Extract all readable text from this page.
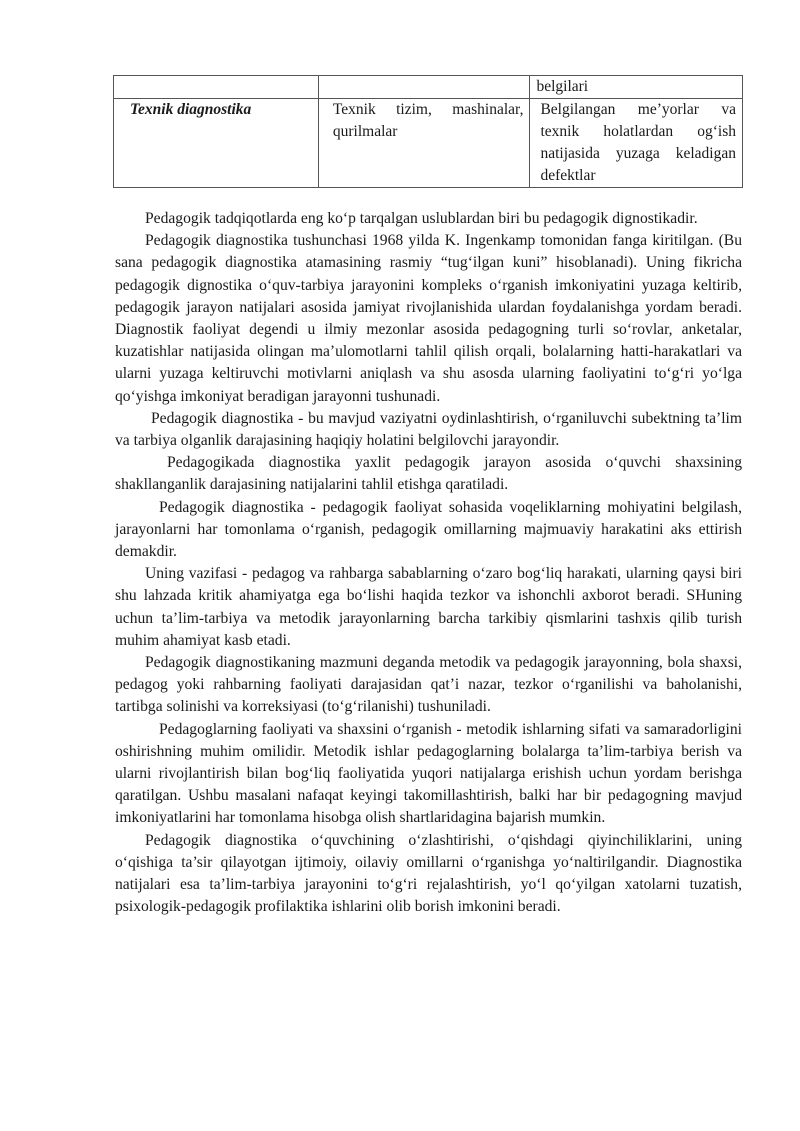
		belgilari
Texnik diagnostika	Texnik tizim, mashinalar, qurilmalar	Belgilangan me’yorlar va texnik holatlardan og‘ish natijasida yuzaga keladigan defektlar

Pedagogik tadqiqotlarda eng ko‘p tarqalgan uslublardan biri bu pedagogik dignostikadir.

Pedagogik diagnostika tushunchasi 1968 yilda K. Ingenkamp tomonidan fanga kiritilgan. (Bu sana pedagogik diagnostika atamasining rasmiy “tug‘ilgan kuni” hisoblanadi). Uning fikricha pedagogik dignostika o‘quv-tarbiya jarayonini kompleks o‘rganish imkoniyatini yuzaga keltirib, pedagogik jarayon natijalari asosida jamiyat rivojlanishida ulardan foydalanishga yordam beradi. Diagnostik faoliyat degendi u ilmiy mezonlar asosida pedagogning turli so‘rovlar, anketalar, kuzatishlar natijasida olingan ma’ulomotlarni tahlil qilish orqali, bolalarning hatti-harakatlari va ularni yuzaga keltiruvchi motivlarni aniqlash va shu asosda ularning faoliyatini to‘g‘ri yo‘lga qo‘yishga imkoniyat beradigan jarayonni tushunadi.

Pedagogik diagnostika - bu mavjud vaziyatni oydinlashtirish, o‘rganiluvchi subektning ta’lim va tarbiya olganlik darajasining haqiqiy holatini belgilovchi jarayondir.

Pedagogikada diagnostika yaxlit pedagogik jarayon asosida o‘quvchi shaxsining shakllanganlik darajasining natijalarini tahlil etishga qaratiladi.

Pedagogik diagnostika - pedagogik faoliyat sohasida voqeliklarning mohiyatini belgilash, jarayonlarni har tomonlama o‘rganish, pedagogik omillarning majmuaviy harakatini aks ettirish demakdir.

Uning vazifasi - pedagog va rahbarga sabablarning o‘zaro bog‘liq harakati, ularning qaysi biri shu lahzada kritik ahamiyatga ega bo‘lishi haqida tezkor va ishonchli axborot beradi. SHuning uchun ta’lim-tarbiya va metodik jarayonlarning barcha tarkibiy qismlarini tashxis qilib turish muhim ahamiyat kasb etadi.

Pedagogik diagnostikaning mazmuni deganda metodik va pedagogik jarayonning, bola shaxsi, pedagog yoki rahbarning faoliyati darajasidan qat’i nazar, tezkor o‘rganilishi va baholanishi, tartibga solinishi va korreksiyasi (to‘g‘rilanishi) tushuniladi.

Pedagoglarning faoliyati va shaxsini o‘rganish - metodik ishlarning sifati va samaradorligini oshirishning muhim omilidir. Metodik ishlar pedagoglarning bolalarga ta’lim-tarbiya berish va ularni rivojlantirish bilan bog‘liq faoliyatida yuqori natijalarga erishish uchun yordam berishga qaratilgan. Ushbu masalani nafaqat keyingi takomillashtirish, balki har bir pedagogning mavjud imkoniyatlarini har tomonlama hisobga olish shartlaridagina bajarish mumkin.

Pedagogik diagnostika o‘quvchining o‘zlashtirishi, o‘qishdagi qiyinchiliklarini, uning o‘qishiga ta’sir qilayotgan ijtimoiy, oilaviy omillarni o‘rganishga yo‘naltirilgandir. Diagnostika natijalari esa ta’lim-tarbiya jarayonini to‘g‘ri rejalashtirish, yo‘l qo‘yilgan xatolarni tuzatish, psixologik-pedagogik profilaktika ishlarini olib borish imkonini beradi.
